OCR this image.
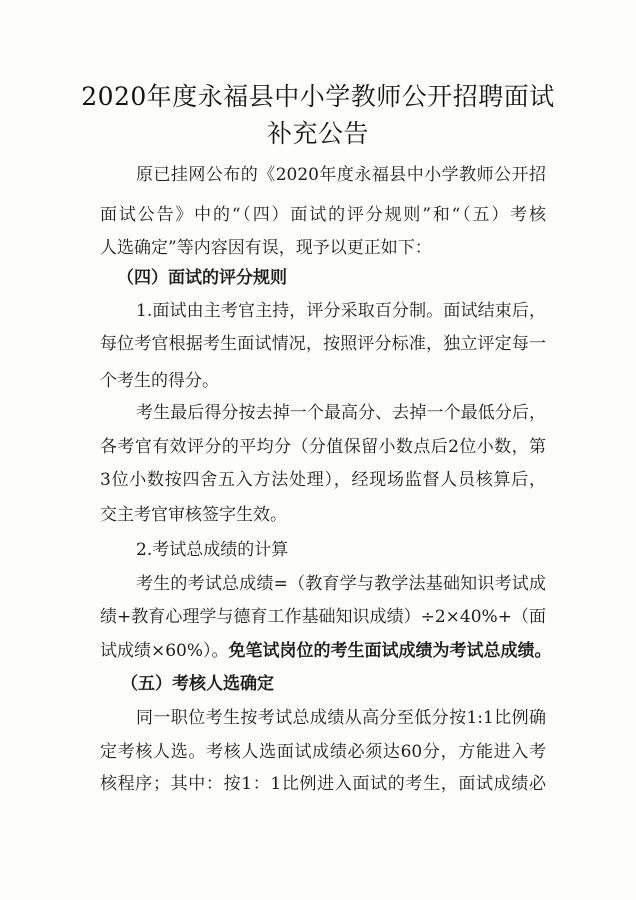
2020年度永福县中小学教师公开招聘面试
补充公告
原已挂网公布的《2020年度永福县中小学教师公开招
面试公告》中的“（四）面试的评分规则”和“（五）考核
人选确定”等内容因有误，现予以更正如下：
（四）面试的评分规则
1.面试由主考官主持，评分采取百分制。面试结束后，
每位考官根据考生面试情况，按照评分标准，独立评定每一
个考生的得分。
考生最后得分按去掉一个最高分、去掉一个最低分后，
各考官有效评分的平均分（分值保留小数点后2位小数，第
3位小数按四舍五入方法处理），经现场监督人员核算后，
交主考官审核签字生效。
2.考试总成绩的计算
考生的考试总成绩=（教育学与教学法基础知识考试成
绩+教育心理学与德育工作基础知识成绩）÷2×40%+（面
试成绩×60%）。免笔试岗位的考生面试成绩为考试总成绩。
（五）考核人选确定
同一职位考生按考试总成绩从高分至低分按1:1比例确
定考核人选。考核人选面试成绩必须达60分，方能进入考
核程序；其中：按1：1比例进入面试的考生，面试成绩必
